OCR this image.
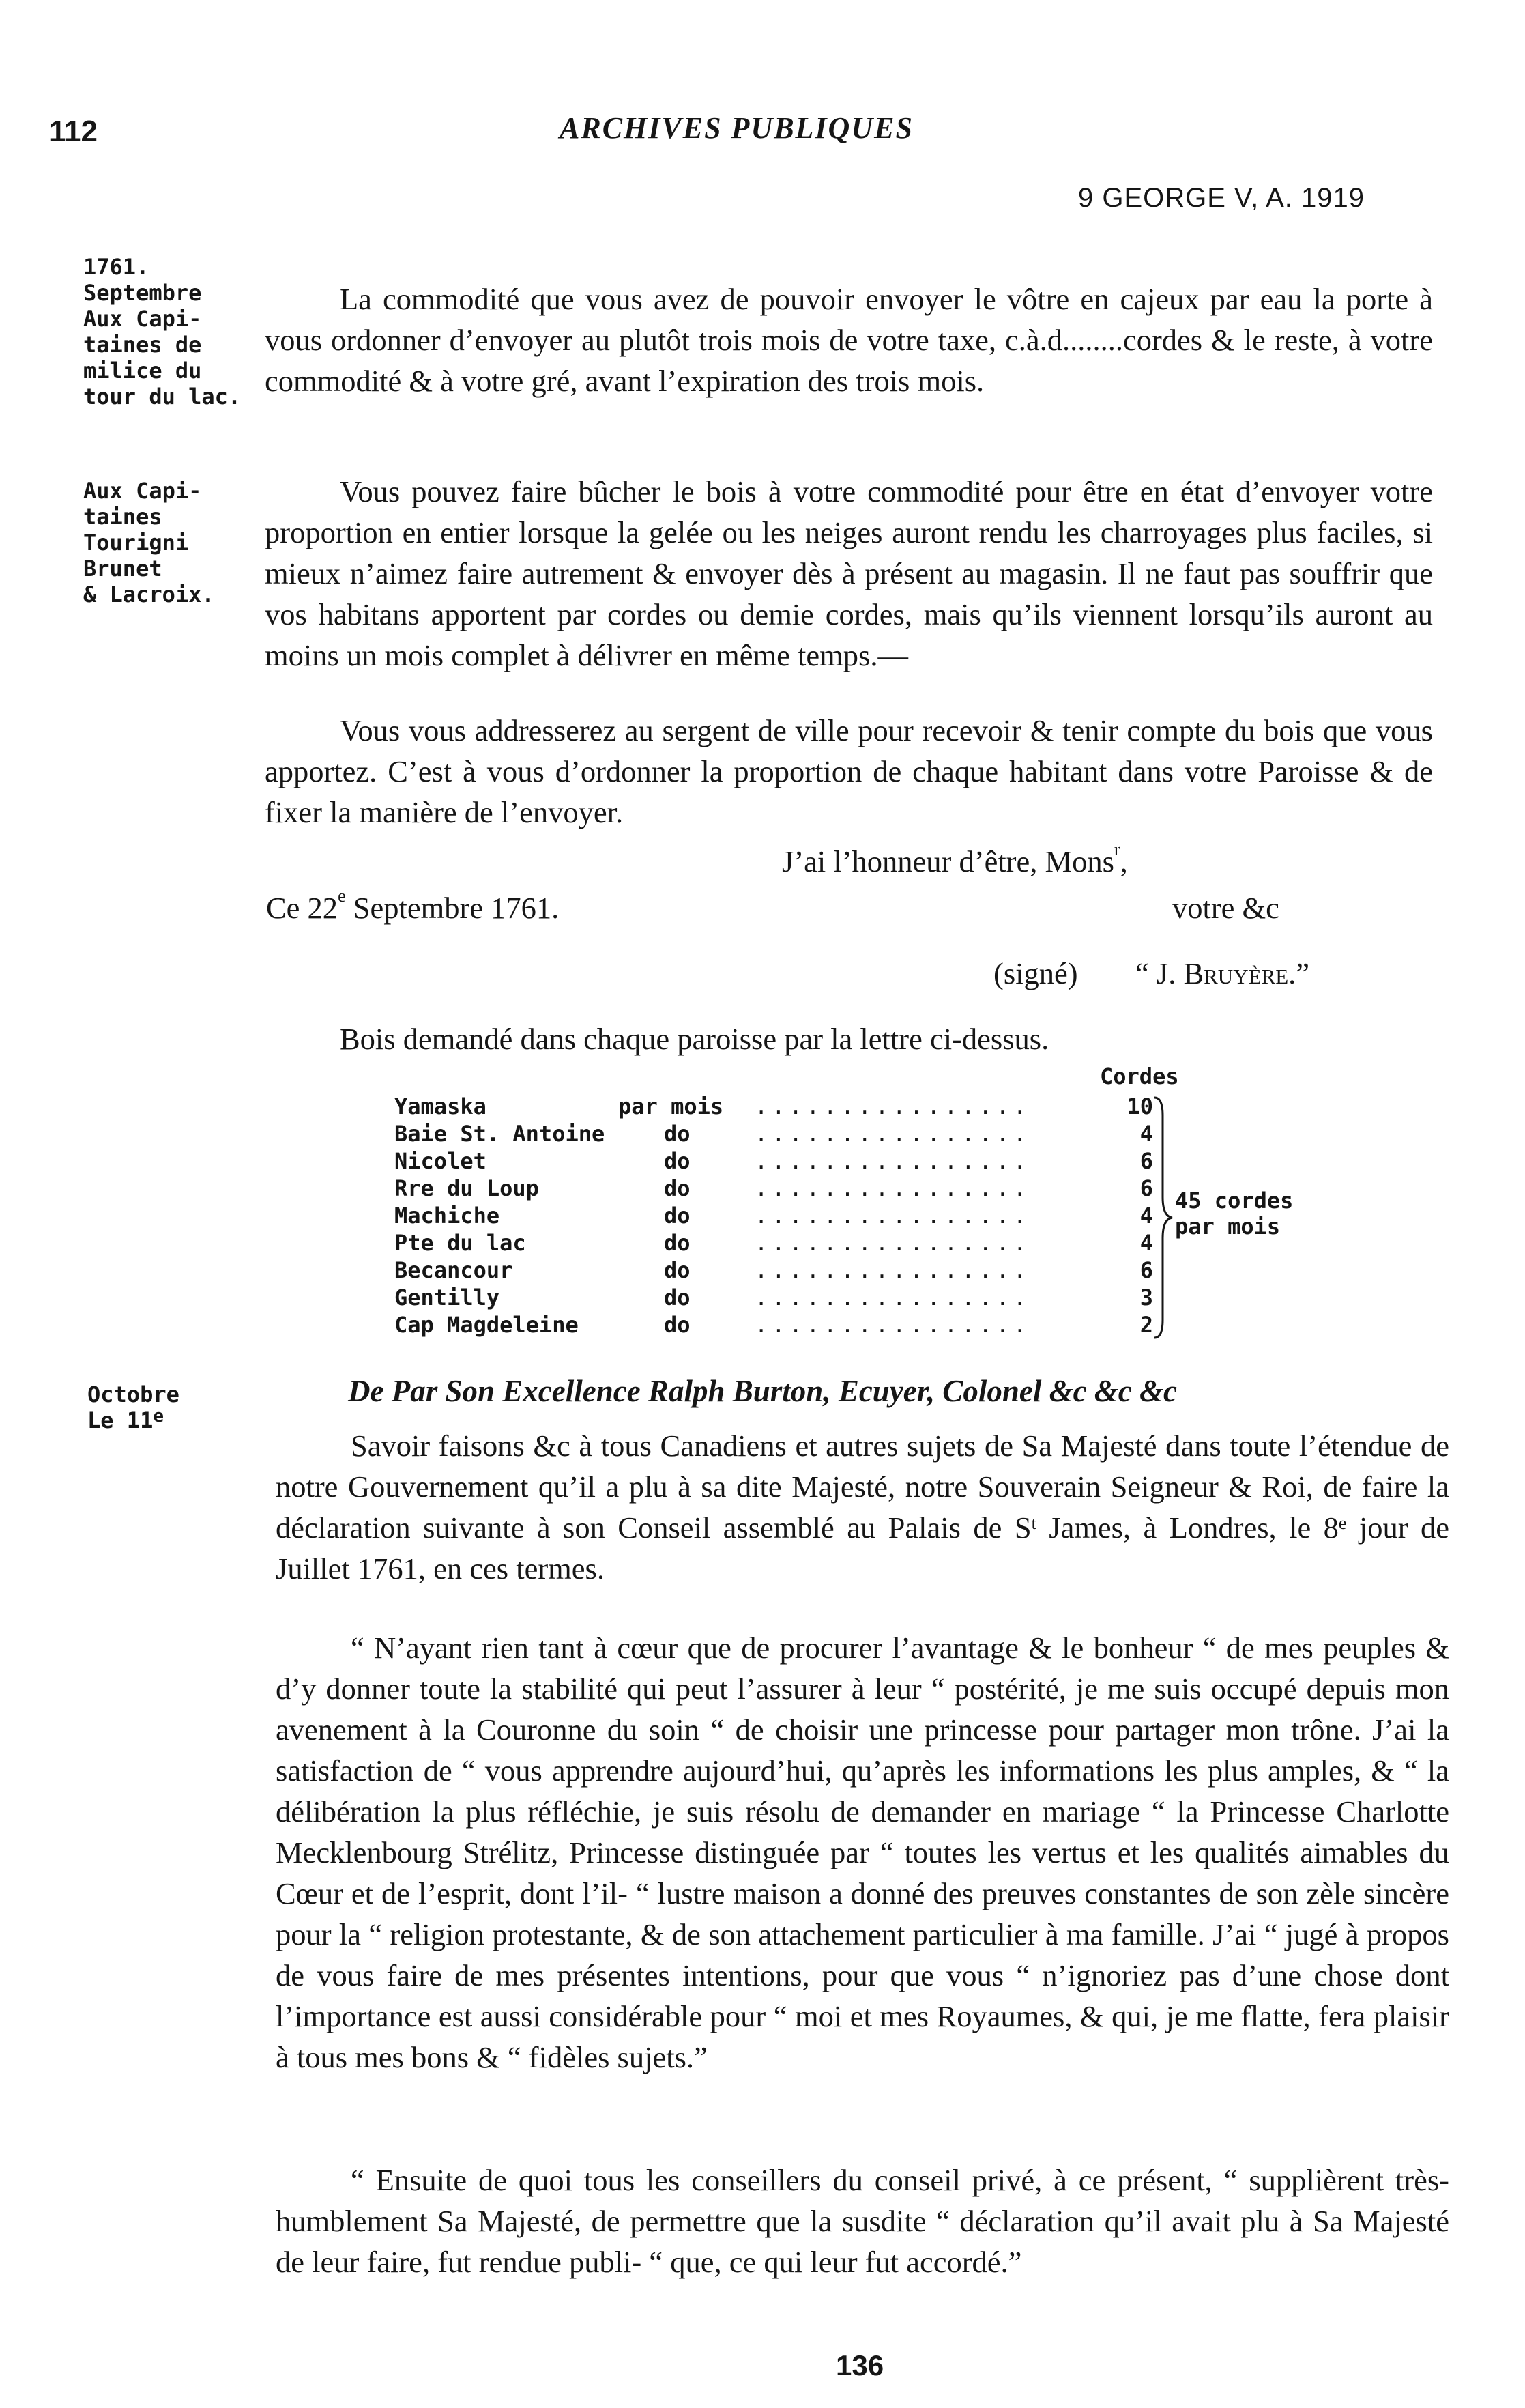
112	ARCHIVES PUBLIQUES
9 GEORGE V, A. 1919
1761.
Septembre
Aux Capi-
taines de
milice du
tour du lac.
Aux Capi-
taines
Tourigni
Brunet
& Lacroix.
Octobre
Le 11e

La commodité que vous avez de pouvoir envoyer le vôtre en cajeux par eau la porte à vous ordonner d’envoyer au plutôt trois mois de votre taxe, c.à.d........cordes & le reste, à votre commodité & à votre gré, avant l’expiration des trois mois.

Vous pouvez faire bûcher le bois à votre commodité pour être en état d’envoyer votre proportion en entier lorsque la gelée ou les neiges auront rendu les charroyages plus faciles, si mieux n’aimez faire autrement & envoyer dès à présent au magasin. Il ne faut pas souffrir que vos habitans apportent par cordes ou demie cordes, mais qu’ils viennent lorsqu’ils auront au moins un mois complet à délivrer en même temps.—

Vous vous addresserez au sergent de ville pour recevoir & tenir compte du bois que vous apportez. C’est à vous d’ordonner la proportion de chaque habitant dans votre Paroisse & de fixer la manière de l’envoyer.

J’ai l’honneur d’être, Mons$^r$,
Ce 22e Septembre 1761.	votre &c
(signé) “ J. Bruyère.”
Bois demandé dans chaque paroisse par la lettre ci-dessus.
Cordes
Yamaska	par mois ................	10
Baie St. Antoine	do	................	4
Nicolet	do	................	6
Rre du Loup	do	................	6
Machiche	do	................	4
Pte du lac	do	................	4
Becancour	do	................	6
Gentilly	do	................	3
Cap Magdeleine	do	................	2
45 cordes
par mois
De Par Son Excellence Ralph Burton, Ecuyer, Colonel &c &c &c

Savoir faisons &c à tous Canadiens et autres sujets de Sa Majesté dans toute l’étendue de notre Gouvernement qu’il a plu à sa dite Majesté, notre Souverain Seigneur & Roi, de faire la déclaration suivante à son Conseil assemblé au Palais de $S^t$ James, à Londres, le 8e jour de Juillet 1761, en ces termes.

“ N’ayant rien tant à cœur que de procurer l’avantage & le bonheur “ de mes peuples & d’y donner toute la stabilité qui peut l’assurer à leur “ postérité, je me suis occupé depuis mon avenement à la Couronne du soin “ de choisir une princesse pour partager mon trône. J’ai la satisfaction de “ vous apprendre aujourd’hui, qu’après les informations les plus amples, & “ la délibération la plus réfléchie, je suis résolu de demander en mariage “ la Princesse Charlotte Mecklenbourg Strélitz, Princesse distinguée par “ toutes les vertus et les qualités aimables du Cœur et de l’esprit, dont l’il- “ lustre maison a donné des preuves constantes de son zèle sincère pour la “ religion protestante, & de son attachement particulier à ma famille. J’ai “ jugé à propos de vous faire de mes présentes intentions, pour que vous “ n’ignoriez pas d’une chose dont l’importance est aussi considérable pour “ moi et mes Royaumes, & qui, je me flatte, fera plaisir à tous mes bons & “ fidèles sujets.”

“ Ensuite de quoi tous les conseillers du conseil privé, à ce présent, “ supplièrent très-humblement Sa Majesté, de permettre que la susdite “ déclaration qu’il avait plu à Sa Majesté de leur faire, fut rendue publi- “ que, ce qui leur fut accordé.”

136
